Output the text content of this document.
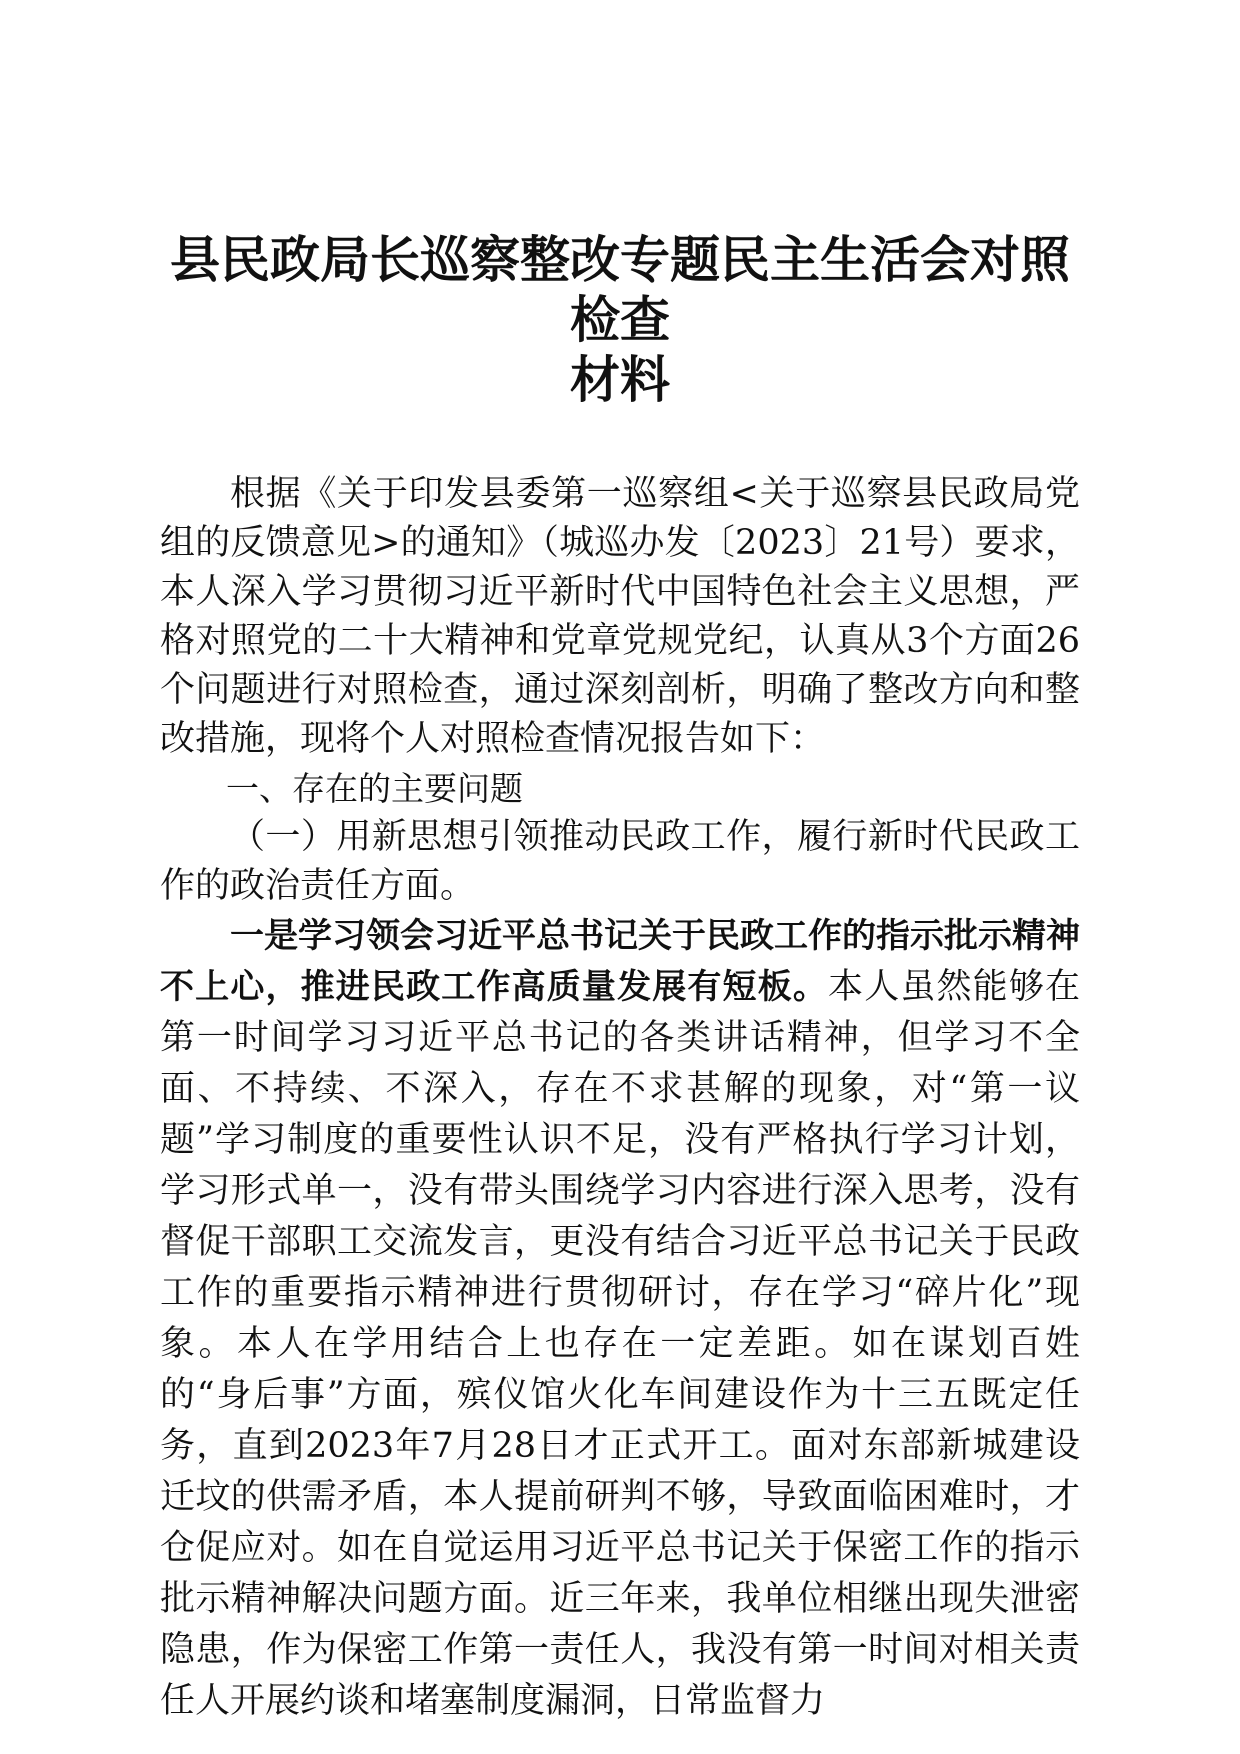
县民政局长巡察整改专题民主生活会对照检查
材料

根据《关于印发县委第一巡察组<关于巡察县民政局党组的反馈意见>的通知》（城巡办发〔2023〕21号）要求，本人深入学习贯彻习近平新时代中国特色社会主义思想，严格对照党的二十大精神和党章党规党纪，认真从3个方面26个问题进行对照检查，通过深刻剖析，明确了整改方向和整改措施，现将个人对照检查情况报告如下：

一、存在的主要问题

（一）用新思想引领推动民政工作，履行新时代民政工作的政治责任方面。

一是学习领会习近平总书记关于民政工作的指示批示精神不上心，推进民政工作高质量发展有短板。本人虽然能够在第一时间学习习近平总书记的各类讲话精神，但学习不全面、不持续、不深入，存在不求甚解的现象，对“第一议题”学习制度的重要性认识不足，没有严格执行学习计划，学习形式单一，没有带头围绕学习内容进行深入思考，没有督促干部职工交流发言，更没有结合习近平总书记关于民政工作的重要指示精神进行贯彻研讨，存在学习“碎片化”现象。本人在学用结合上也存在一定差距。如在谋划百姓的“身后事”方面，殡仪馆火化车间建设作为十三五既定任务，直到2023年7月28日才正式开工。面对东部新城建设迁坟的供需矛盾，本人提前研判不够，导致面临困难时，才仓促应对。如在自觉运用习近平总书记关于保密工作的指示批示精神解决问题方面。近三年来，我单位相继出现失泄密隐患，作为保密工作第一责任人，我没有第一时间对相关责任人开展约谈和堵塞制度漏洞，日常监督力
